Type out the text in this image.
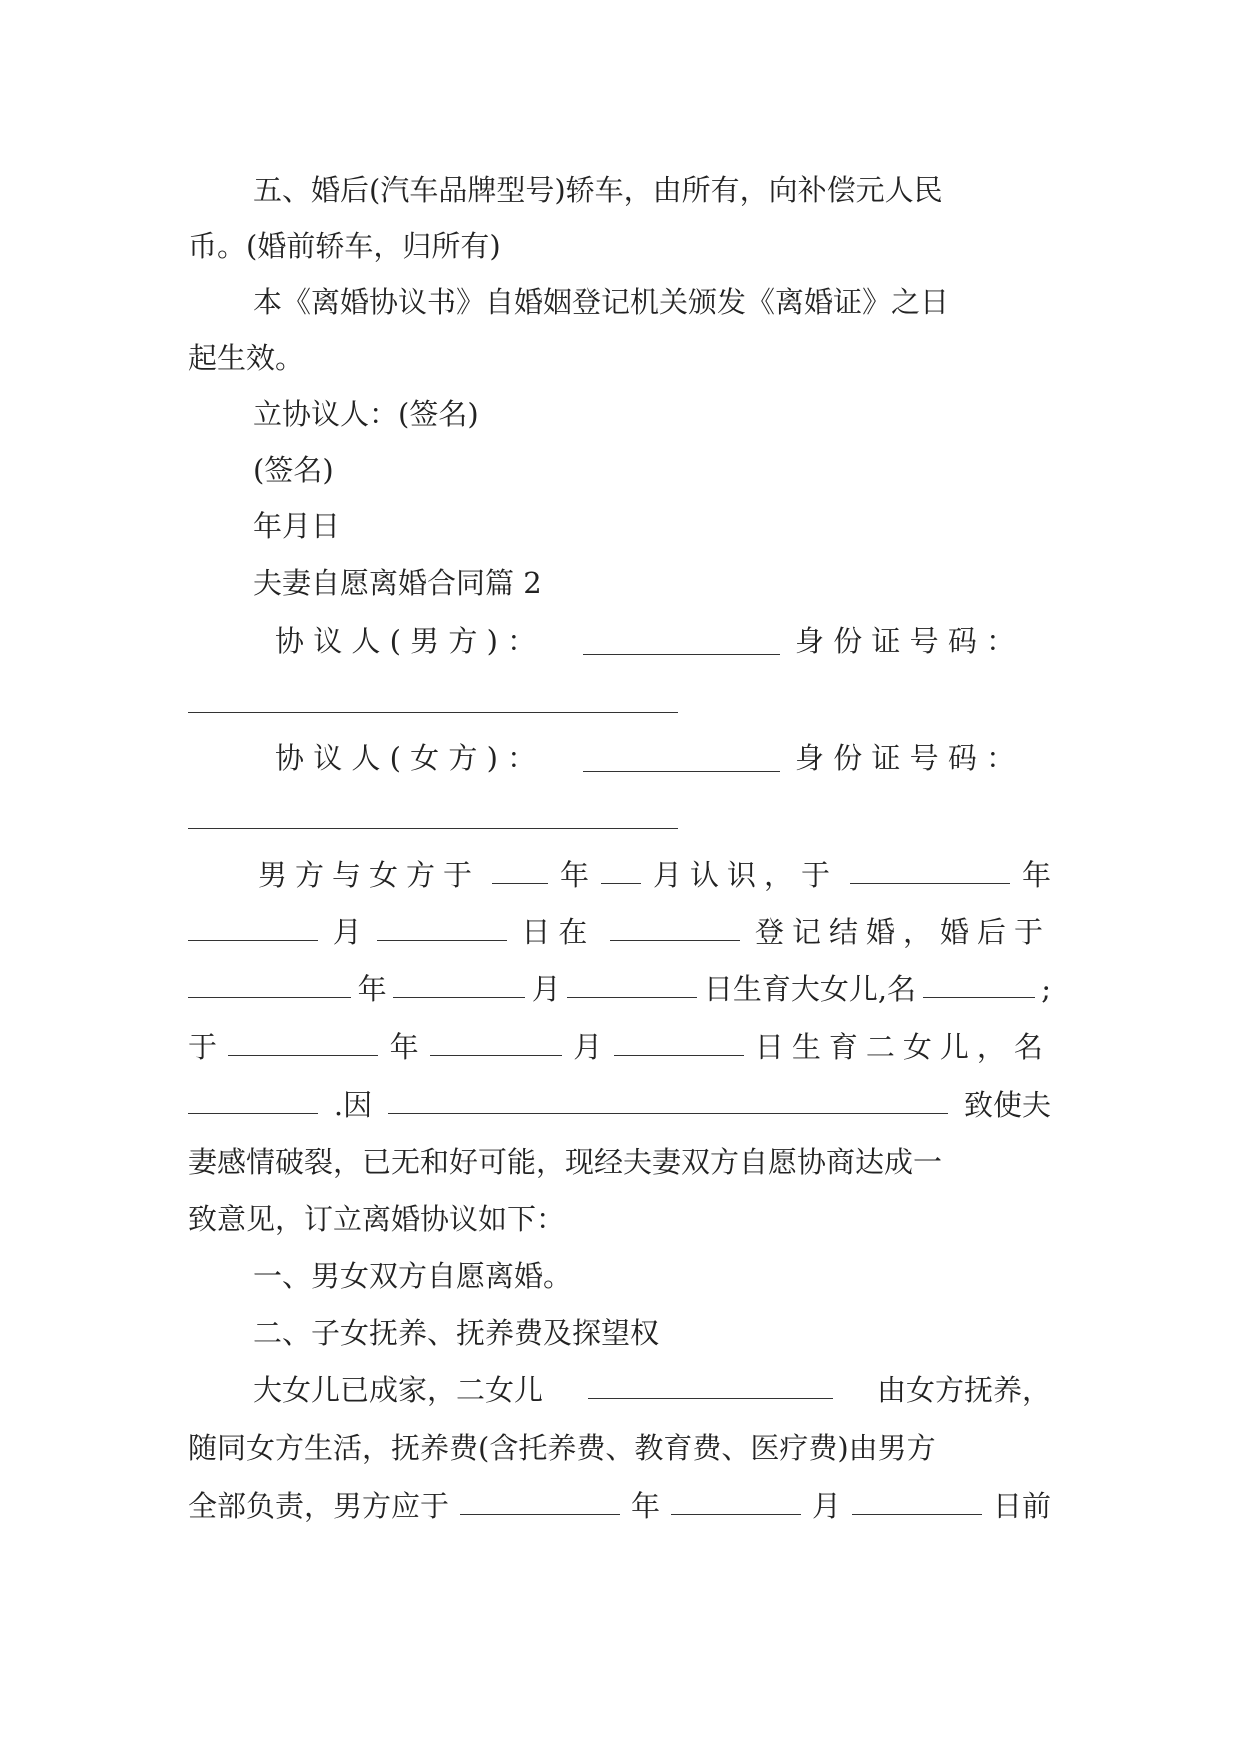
五、婚后(汽车品牌型号)轿车，由所有，向补偿元人民
币。(婚前轿车，归所有)
本《离婚协议书》自婚姻登记机关颁发《离婚证》之日
起生效。
立协议人：(签名)
(签名)
年月日
夫妻自愿离婚合同篇 2
协 议 人 ( 男 方 ) ：	身 份 证 号 码 ：
协 议 人 ( 女 方 ) ：	身 份 证 号 码 ：
男方与女方于	年 月认识，于	年
月	日在	登记结婚，婚后于
年	月	日生育大女儿,名	;
于	年	月	日生育二女儿，名
.因	致使夫
妻感情破裂，已无和好可能，现经夫妻双方自愿协商达成一
致意见，订立离婚协议如下：
一、男女双方自愿离婚。
二、子女抚养、抚养费及探望权
大女儿已成家，二女儿	由女方抚养，
随同女方生活，抚养费(含托养费、教育费、医疗费)由男方
全部负责，男方应于	年	月	日前
